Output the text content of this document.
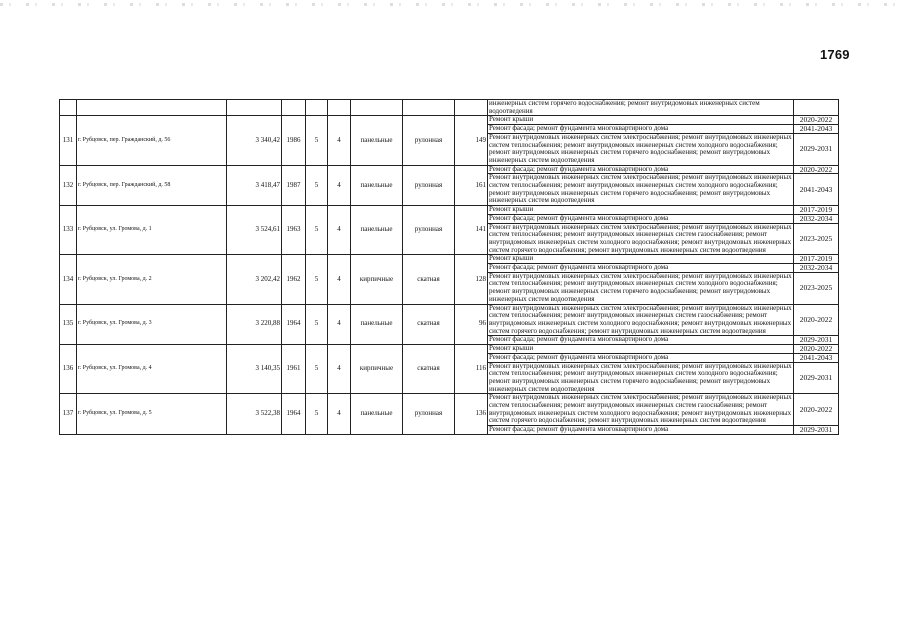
1769
									инженерных систем горячего водоснабжения; ремонт внутридомовых инженерных систем водоотведения	
131	г. Рубцовск, пер. Гражданский, д. 56	3 340,42	1986	5	4	панельные	рулонная	149	Ремонт крыши	2020-2022
									Ремонт фасада; ремонт фундамента многоквартирного дома	2041-2043
									Ремонт внутридомовых инженерных систем электроснабжения; ремонт внутридомовых инженерных систем теплоснабжения; ремонт внутридомовых инженерных систем холодного водоснабжения; ремонт внутридомовых инженерных систем горячего водоснабжения; ремонт внутридомовых инженерных систем водоотведения	2029-2031
132	г. Рубцовск, пер. Гражданский, д. 58	3 418,47	1987	5	4	панельные	рулонная	161	Ремонт фасада; ремонт фундамента многоквартирного дома	2020-2022
									Ремонт внутридомовых инженерных систем электроснабжения; ремонт внутридомовых инженерных систем теплоснабжения; ремонт внутридомовых инженерных систем холодного водоснабжения; ремонт внутридомовых инженерных систем горячего водоснабжения; ремонт внутридомовых инженерных систем водоотведения	2041-2043
133	г. Рубцовск, ул. Громова, д. 1	3 524,61	1963	5	4	панельные	рулонная	141	Ремонт крыши	2017-2019
									Ремонт фасада; ремонт фундамента многоквартирного дома	2032-2034
									Ремонт внутридомовых инженерных систем электроснабжения; ремонт внутридомовых инженерных систем теплоснабжения; ремонт внутридомовых инженерных систем газоснабжения; ремонт внутридомовых инженерных систем холодного водоснабжения; ремонт внутридомовых инженерных систем горячего водоснабжения; ремонт внутридомовых инженерных систем водоотведения	2023-2025
134	г. Рубцовск, ул. Громова, д. 2	3 202,42	1962	5	4	кирпичные	скатная	128	Ремонт крыши	2017-2019
									Ремонт фасада; ремонт фундамента многоквартирного дома	2032-2034
									Ремонт внутридомовых инженерных систем электроснабжения; ремонт внутридомовых инженерных систем теплоснабжения; ремонт внутридомовых инженерных систем холодного водоснабжения; ремонт внутридомовых инженерных систем горячего водоснабжения; ремонт внутридомовых инженерных систем водоотведения	2023-2025
135	г. Рубцовск, ул. Громова, д. 3	3 220,88	1964	5	4	панельные	скатная	96	Ремонт внутридомовых инженерных систем электроснабжения; ремонт внутридомовых инженерных систем теплоснабжения; ремонт внутридомовых инженерных систем газоснабжения; ремонт внутридомовых инженерных систем холодного водоснабжения; ремонт внутридомовых инженерных систем горячего водоснабжения; ремонт внутридомовых инженерных систем водоотведения	2020-2022
									Ремонт фасада; ремонт фундамента многоквартирного дома	2029-2031
136	г. Рубцовск, ул. Громова, д. 4	3 140,35	1961	5	4	кирпичные	скатная	116	Ремонт крыши	2020-2022
									Ремонт фасада; ремонт фундамента многоквартирного дома	2041-2043
									Ремонт внутридомовых инженерных систем электроснабжения; ремонт внутридомовых инженерных систем теплоснабжения; ремонт внутридомовых инженерных систем холодного водоснабжения; ремонт внутридомовых инженерных систем горячего водоснабжения; ремонт внутридомовых инженерных систем водоотведения	2029-2031
137	г. Рубцовск, ул. Громова, д. 5	3 522,38	1964	5	4	панельные	рулонная	136	Ремонт внутридомовых инженерных систем электроснабжения; ремонт внутридомовых инженерных систем теплоснабжения; ремонт внутридомовых инженерных систем газоснабжения; ремонт внутридомовых инженерных систем холодного водоснабжения; ремонт внутридомовых инженерных систем горячего водоснабжения; ремонт внутридомовых инженерных систем водоотведения	2020-2022
									Ремонт фасада; ремонт фундамента многоквартирного дома	2029-2031
